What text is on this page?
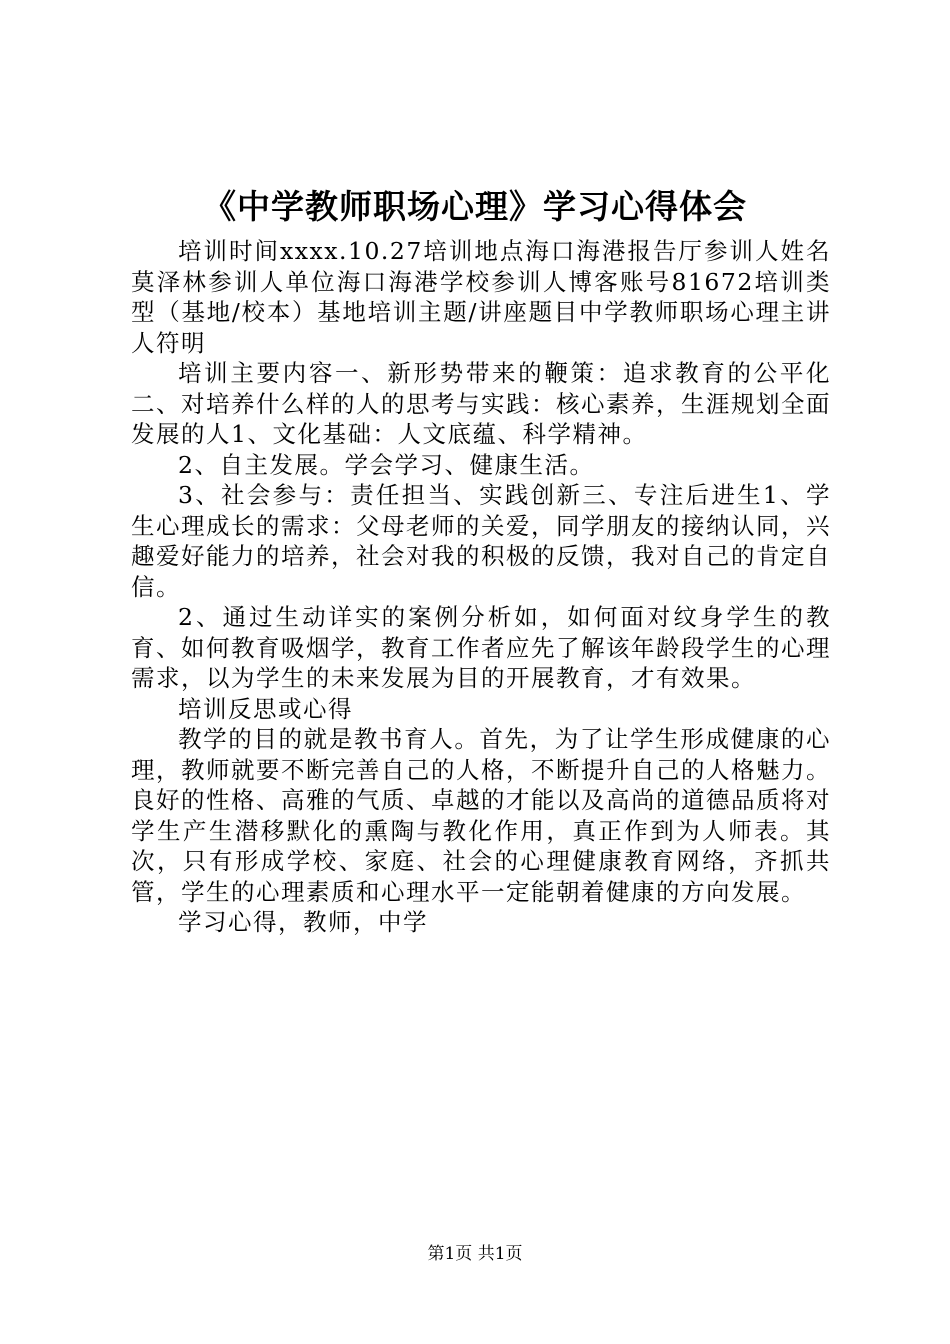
《中学教师职场心理》学习心得体会

培训时间xxxx.10.27培训地点海口海港报告厅参训人姓名莫泽林参训人单位海口海港学校参训人博客账号81672培训类型（基地/校本）基地培训主题/讲座题目中学教师职场心理主讲人符明

培训主要内容一、新形势带来的鞭策：追求教育的公平化二、对培养什么样的人的思考与实践：核心素养，生涯规划全面发展的人1、文化基础：人文底蕴、科学精神。

2、自主发展。学会学习、健康生活。

3、社会参与：责任担当、实践创新三、专注后进生1、学生心理成长的需求：父母老师的关爱，同学朋友的接纳认同，兴趣爱好能力的培养，社会对我的积极的反馈，我对自己的肯定自信。

2、通过生动详实的案例分析如，如何面对纹身学生的教育、如何教育吸烟学，教育工作者应先了解该年龄段学生的心理需求，以为学生的未来发展为目的开展教育，才有效果。

培训反思或心得

教学的目的就是教书育人。首先，为了让学生形成健康的心理，教师就要不断完善自己的人格，不断提升自己的人格魅力。良好的性格、高雅的气质、卓越的才能以及高尚的道德品质将对学生产生潜移默化的熏陶与教化作用，真正作到为人师表。其次，只有形成学校、家庭、社会的心理健康教育网络，齐抓共管，学生的心理素质和心理水平一定能朝着健康的方向发展。

学习心得，教师，中学

第1页 共1页
